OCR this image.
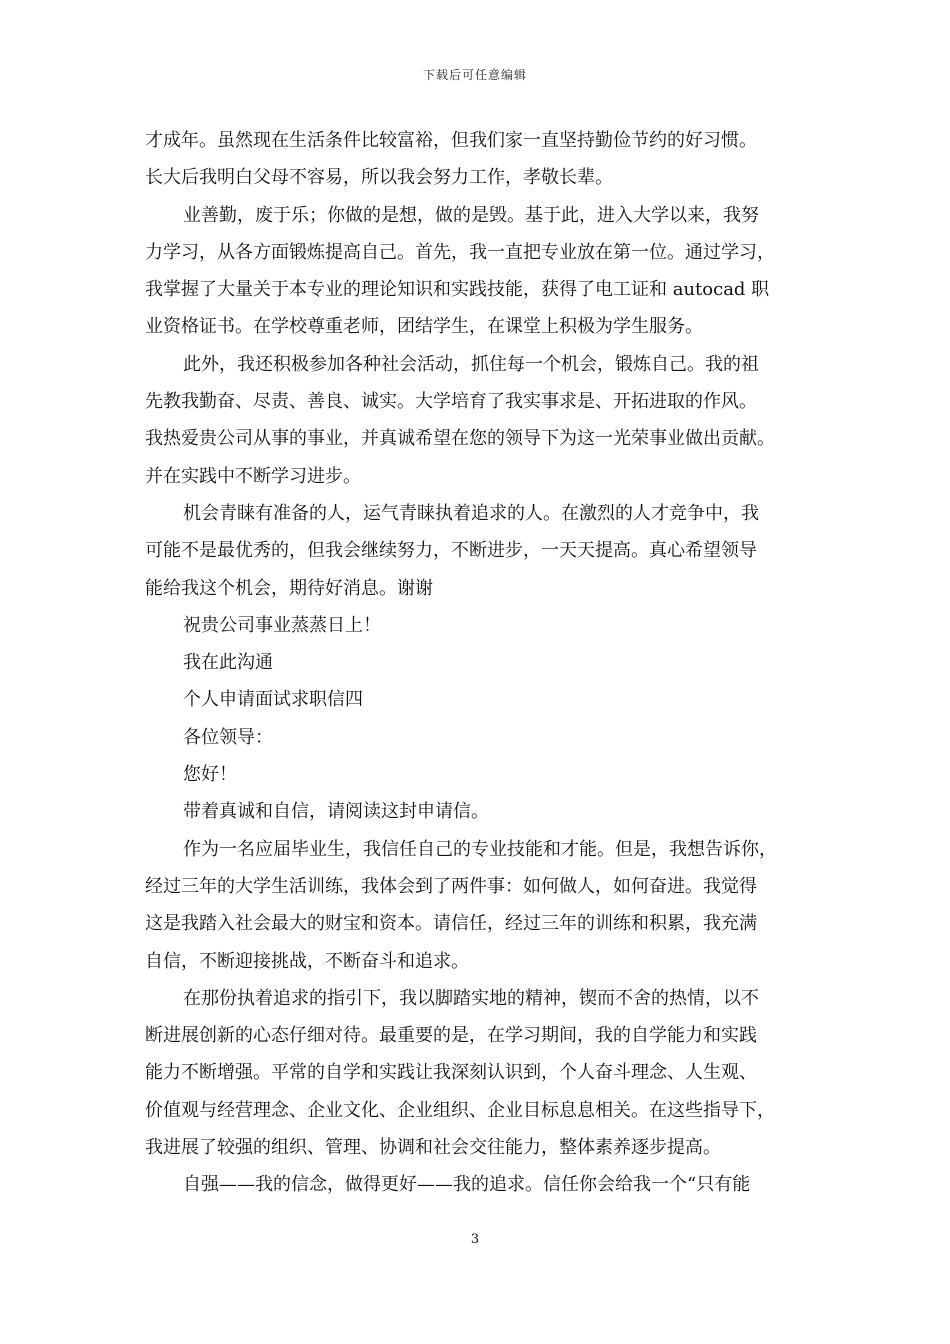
下载后可任意编辑
才成年。虽然现在生活条件比较富裕，但我们家一直坚持勤俭节约的好习惯。
长大后我明白父母不容易，所以我会努力工作，孝敬长辈。
业善勤，废于乐；你做的是想，做的是毁。基于此，进入大学以来，我努
力学习，从各方面锻炼提高自己。首先，我一直把专业放在第一位。通过学习，
我掌握了大量关于本专业的理论知识和实践技能，获得了电工证和 autocad 职
业资格证书。在学校尊重老师，团结学生，在课堂上积极为学生服务。
此外，我还积极参加各种社会活动，抓住每一个机会，锻炼自己。我的祖
先教我勤奋、尽责、善良、诚实。大学培育了我实事求是、开拓进取的作风。
我热爱贵公司从事的事业，并真诚希望在您的领导下为这一光荣事业做出贡献。
并在实践中不断学习进步。
机会青睐有准备的人，运气青睐执着追求的人。在激烈的人才竞争中，我
可能不是最优秀的，但我会继续努力，不断进步，一天天提高。真心希望领导
能给我这个机会，期待好消息。谢谢
祝贵公司事业蒸蒸日上！
我在此沟通
个人申请面试求职信四
各位领导：
您好！
带着真诚和自信，请阅读这封申请信。
作为一名应届毕业生，我信任自己的专业技能和才能。但是，我想告诉你，
经过三年的大学生活训练，我体会到了两件事：如何做人，如何奋进。我觉得
这是我踏入社会最大的财宝和资本。请信任，经过三年的训练和积累，我充满
自信，不断迎接挑战，不断奋斗和追求。
在那份执着追求的指引下，我以脚踏实地的精神，锲而不舍的热情，以不
断进展创新的心态仔细对待。最重要的是，在学习期间，我的自学能力和实践
能力不断增强。平常的自学和实践让我深刻认识到，个人奋斗理念、人生观、
价值观与经营理念、企业文化、企业组织、企业目标息息相关。在这些指导下，
我进展了较强的组织、管理、协调和社会交往能力，整体素养逐步提高。
自强——我的信念，做得更好——我的追求。信任你会给我一个“只有能
3
